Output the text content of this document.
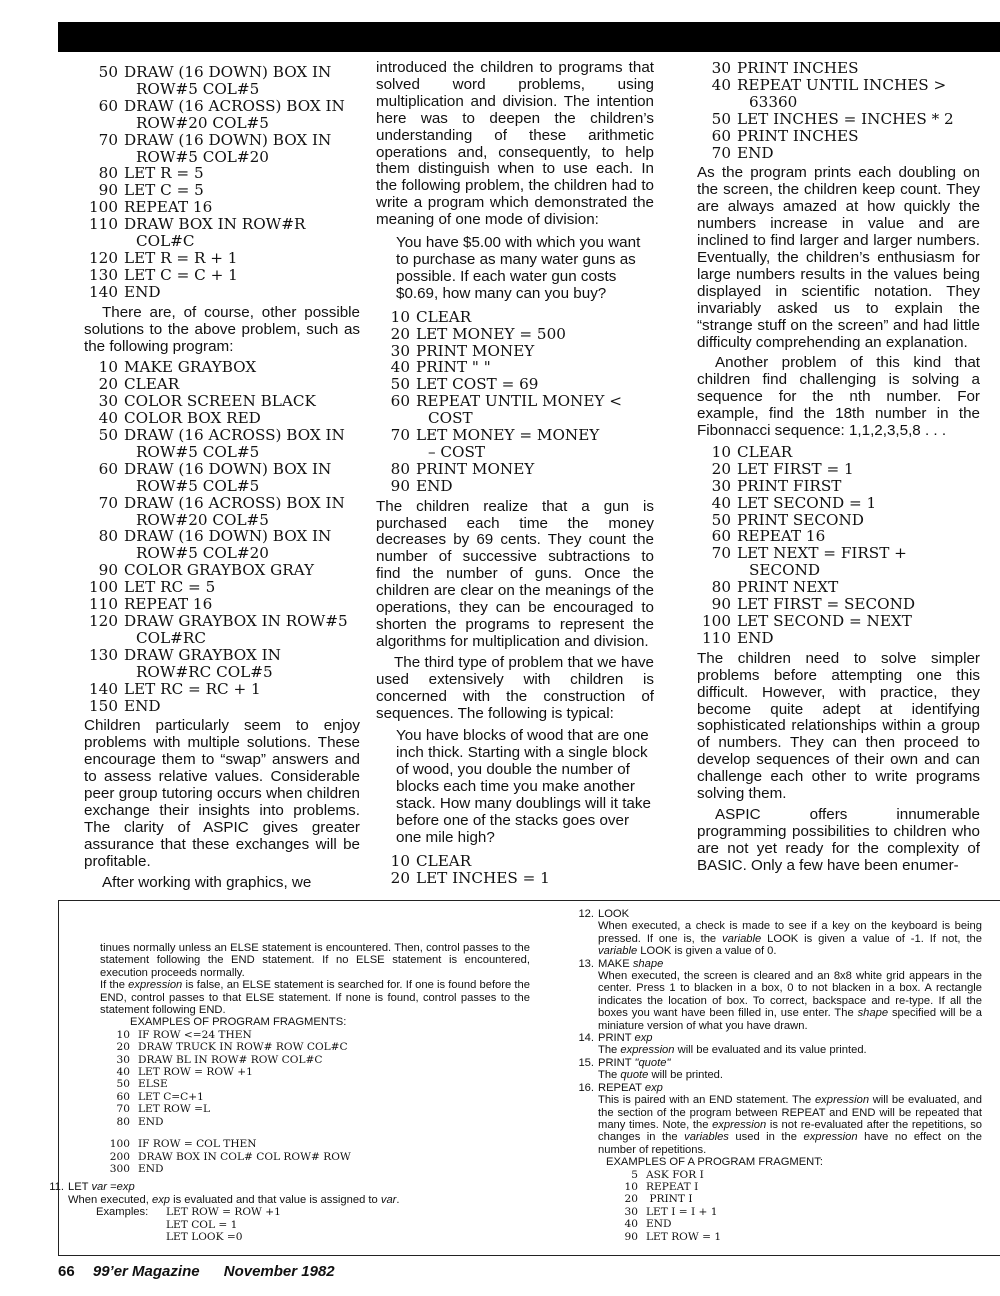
50 DRAW (16 DOWN) BOX IN
ROW#5 COL#5
60 DRAW (16 ACROSS) BOX IN
ROW#20 COL#5
70 DRAW (16 DOWN) BOX IN
ROW#5 COL#20
80 LET R = 5
90 LET C = 5
100 REPEAT 16
110 DRAW BOX IN ROW#R
COL#C
120 LET R = R + 1
130 LET C = C + 1
140 END

There are, of course, other possible solutions to the above problem, such as the following program:

10 MAKE GRAYBOX
20 CLEAR
30 COLOR SCREEN BLACK
40 COLOR BOX RED
50 DRAW (16 ACROSS) BOX IN
ROW#5 COL#5
60 DRAW (16 DOWN) BOX IN
ROW#5 COL#5
70 DRAW (16 ACROSS) BOX IN
ROW#20 COL#5
80 DRAW (16 DOWN) BOX IN
ROW#5 COL#20
90 COLOR GRAYBOX GRAY
100 LET RC = 5
110 REPEAT 16
120 DRAW GRAYBOX IN ROW#5
COL#RC
130 DRAW GRAYBOX IN
ROW#RC COL#5
140 LET RC = RC + 1
150 END

Children particularly seem to enjoy problems with multiple solutions. These encourage them to “swap” answers and to assess relative values. Considerable peer group tutoring occurs when children exchange their insights into problems. The clarity of ASPIC gives greater assurance that these exchanges will be profitable.

After working with graphics, we

introduced the children to programs that solved word problems, using multiplication and division. The intention here was to deepen the children’s understanding of these arithmetic operations and, consequently, to help them distinguish when to use each. In the following problem, the children had to write a program which demonstrated the meaning of one mode of division:

You have $5.00 with which you want to purchase as many water guns as possible. If each water gun costs $0.69, how many can you buy?

10 CLEAR
20 LET MONEY = 500
30 PRINT MONEY
40 PRINT " "
50 LET COST = 69
60 REPEAT UNTIL MONEY <
COST
70 LET MONEY = MONEY
– COST
80 PRINT MONEY
90 END

The children realize that a gun is purchased each time the money decreases by 69 cents. They count the number of successive subtractions to find the number of guns. Once the children are clear on the meanings of the operations, they can be encouraged to shorten the programs to represent the algorithms for multiplication and division.

The third type of problem that we have used extensively with children is concerned with the construction of sequences. The following is typical:

You have blocks of wood that are one inch thick. Starting with a single block of wood, you double the number of blocks each time you make another stack. How many doublings will it take before one of the stacks goes over one mile high?

10 CLEAR
20 LET INCHES = 1
30 PRINT INCHES
40 REPEAT UNTIL INCHES >
63360
50 LET INCHES = INCHES * 2
60 PRINT INCHES
70 END

As the program prints each doubling on the screen, the children keep count. They are always amazed at how quickly the numbers increase in value and are inclined to find larger and larger numbers. Eventually, the children’s enthusiasm for large numbers results in the values being displayed in scientific notation. They invariably asked us to explain the “strange stuff on the screen” and had little difficulty comprehending an explanation.

Another problem of this kind that children find challenging is solving a sequence for the nth number. For example, find the 18th number in the Fibonnacci sequence: 1,1,2,3,5,8 . . .

10 CLEAR
20 LET FIRST = 1
30 PRINT FIRST
40 LET SECOND = 1
50 PRINT SECOND
60 REPEAT 16
70 LET NEXT = FIRST +
SECOND
80 PRINT NEXT
90 LET FIRST = SECOND
100 LET SECOND = NEXT
110 END

The children need to solve simpler problems before attempting one this difficult. However, with practice, they become quite adept at identifying sophisticated relationships within a group of numbers. They can then proceed to develop sequences of their own and can challenge each other to write programs solving them.

ASPIC offers innumerable programming possibilities to children who are not yet ready for the complexity of BASIC. Only a few have been enumer-

tinues normally unless an ELSE statement is encountered. Then, control passes to the statement following the END statement. If no ELSE statement is encountered, execution proceeds normally.

If the expression is false, an ELSE statement is searched for. If one is found before the END, control passes to that ELSE statement. If none is found, control passes to the statement following END.

EXAMPLES OF PROGRAM FRAGMENTS:
10 IF ROW <=24 THEN
20 DRAW TRUCK IN ROW# ROW COL#C
30 DRAW BL IN ROW# ROW COL#C
40 LET ROW = ROW +1
50 ELSE
60 LET C=C+1
70 LET ROW =L
80 END
100 IF ROW = COL THEN
200 DRAW BOX IN COL# COL ROW# ROW
300 END
11. LET var =exp
When executed, exp is evaluated and that value is assigned to var.
Examples:	LET ROW = ROW +1
LET COL = 1
LET LOOK =0
12. LOOK
When executed, a check is made to see if a key on the keyboard is being pressed. If one is, the variable LOOK is given a value of -1. If not, the variable LOOK is given a value of 0.
13. MAKE shape
When executed, the screen is cleared and an 8x8 white grid appears in the center. Press 1 to blacken in a box, 0 to not blacken in a box. A rectangle indicates the location of box. To correct, backspace and re-type. If all the boxes you want have been filled in, use enter. The shape specified will be a miniature version of what you have drawn.
14. PRINT exp
The expression will be evaluated and its value printed.
15. PRINT "quote"
The quote will be printed.
16. REPEAT exp
This is paired with an END statement. The expression will be evaluated, and the section of the program between REPEAT and END will be repeated that many times. Note, the expression is not re-evaluated after the repetitions, so changes in the variables used in the expression have no effect on the number of repetitions.
EXAMPLES OF A PROGRAM FRAGMENT:
5 ASK FOR I
10 REPEAT I
20 PRINT I
30 LET I = I + 1
40 END
90 LET ROW = 1
66 99’er Magazine November 1982
